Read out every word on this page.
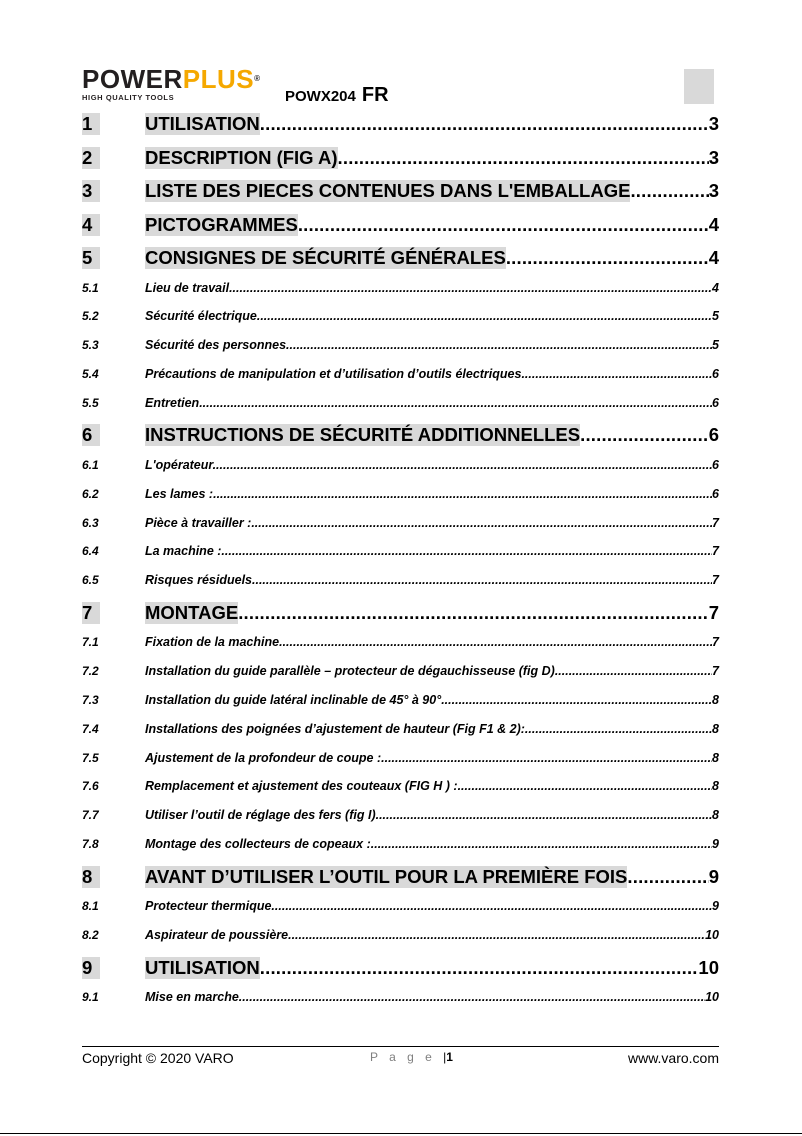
POWERPLUS®
HIGH QUALITY TOOLS	POWX204 FR
1	UTILISATION .....	3
2	DESCRIPTION (FIG A) .....	3
3	LISTE DES PIECES CONTENUES DANS L'EMBALLAGE .....	3
4	PICTOGRAMMES .....	4
5	CONSIGNES DE SÉCURITÉ GÉNÉRALES .....	4
5.1	Lieu de travail .....	4
5.2	Sécurité électrique .....	5
5.3	Sécurité des personnes .....	5
5.4	Précautions de manipulation et d’utilisation d’outils électriques .....	6
5.5	Entretien .....	6
6	INSTRUCTIONS DE SÉCURITÉ ADDITIONNELLES .....	6
6.1	L'opérateur. .....	6
6.2	Les lames : .....	6
6.3	Pièce à travailler : .....	7
6.4	La machine : .....	7
6.5	Risques résiduels .....	7
7	MONTAGE .....	7
7.1	Fixation de la machine. .....	7
7.2	Installation du guide parallèle – protecteur de dégauchisseuse (fig D) .....	7
7.3	Installation du guide latéral inclinable de 45° à 90° .....	8
7.4	Installations des poignées d’ajustement de hauteur (Fig F1 & 2): .....	8
7.5	Ajustement de la profondeur de coupe : .....	8
7.6	Remplacement et ajustement des couteaux (FIG H ) : .....	8
7.7	Utiliser l’outil de réglage des fers (fig I) .....	8
7.8	Montage des collecteurs de copeaux : .....	9
8	AVANT D’UTILISER L’OUTIL POUR LA PREMIÈRE FOIS .....	9
8.1	Protecteur thermique .....	9
8.2	Aspirateur de poussière .....	10
9	UTILISATION .....	10
9.1	Mise en marche .....	10
Copyright © 2020 VARO	P a g e |1	www.varo.com
